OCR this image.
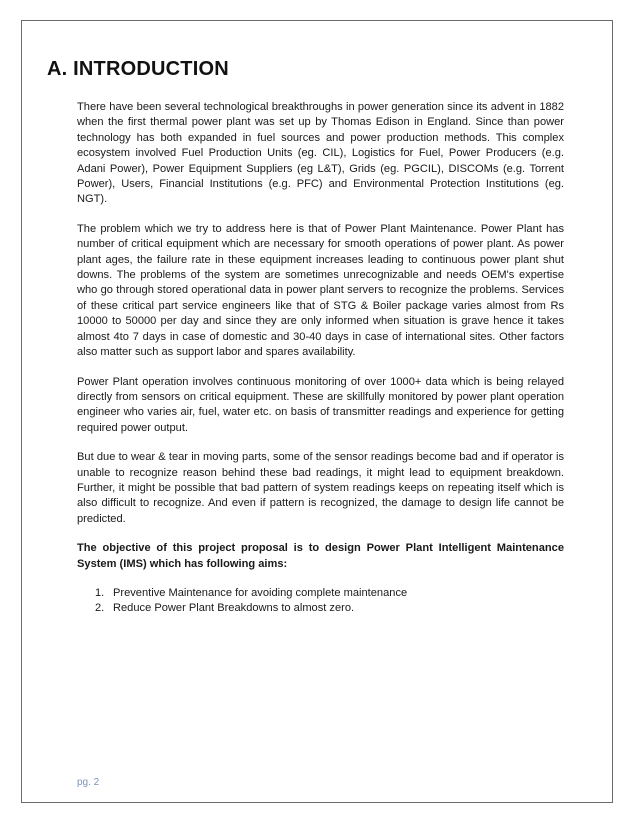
A. INTRODUCTION

There have been several technological breakthroughs in power generation since its advent in 1882 when the first thermal power plant was set up by Thomas Edison in England. Since than power technology has both expanded in fuel sources and power production methods. This complex ecosystem involved Fuel Production Units (eg. CIL), Logistics for Fuel, Power Producers (e.g. Adani Power), Power Equipment Suppliers (eg L&T), Grids (eg. PGCIL), DISCOMs (e.g. Torrent Power), Users, Financial Institutions (e.g. PFC) and Environmental Protection Institutions (eg. NGT).

The problem which we try to address here is that of Power Plant Maintenance. Power Plant has number of critical equipment which are necessary for smooth operations of power plant. As power plant ages, the failure rate in these equipment increases leading to continuous power plant shut downs. The problems of the system are sometimes unrecognizable and needs OEM's expertise who go through stored operational data in power plant servers to recognize the problems. Services of these critical part service engineers like that of STG & Boiler package varies almost from Rs 10000 to 50000 per day and since they are only informed when situation is grave hence it takes almost 4to 7 days in case of domestic and 30-40 days in case of international sites. Other factors also matter such as support labor and spares availability.

Power Plant operation involves continuous monitoring of over 1000+ data which is being relayed directly from sensors on critical equipment. These are skillfully monitored by power plant operation engineer who varies air, fuel, water etc. on basis of transmitter readings and experience for getting required power output.

But due to wear & tear in moving parts, some of the sensor readings become bad and if operator is unable to recognize reason behind these bad readings, it might lead to equipment breakdown. Further, it might be possible that bad pattern of system readings keeps on repeating itself which is also difficult to recognize. And even if pattern is recognized, the damage to design life cannot be predicted.

The objective of this project proposal is to design Power Plant Intelligent Maintenance System (IMS) which has following aims:

1. Preventive Maintenance for avoiding complete maintenance
2. Reduce Power Plant Breakdowns to almost zero.
pg. 2
